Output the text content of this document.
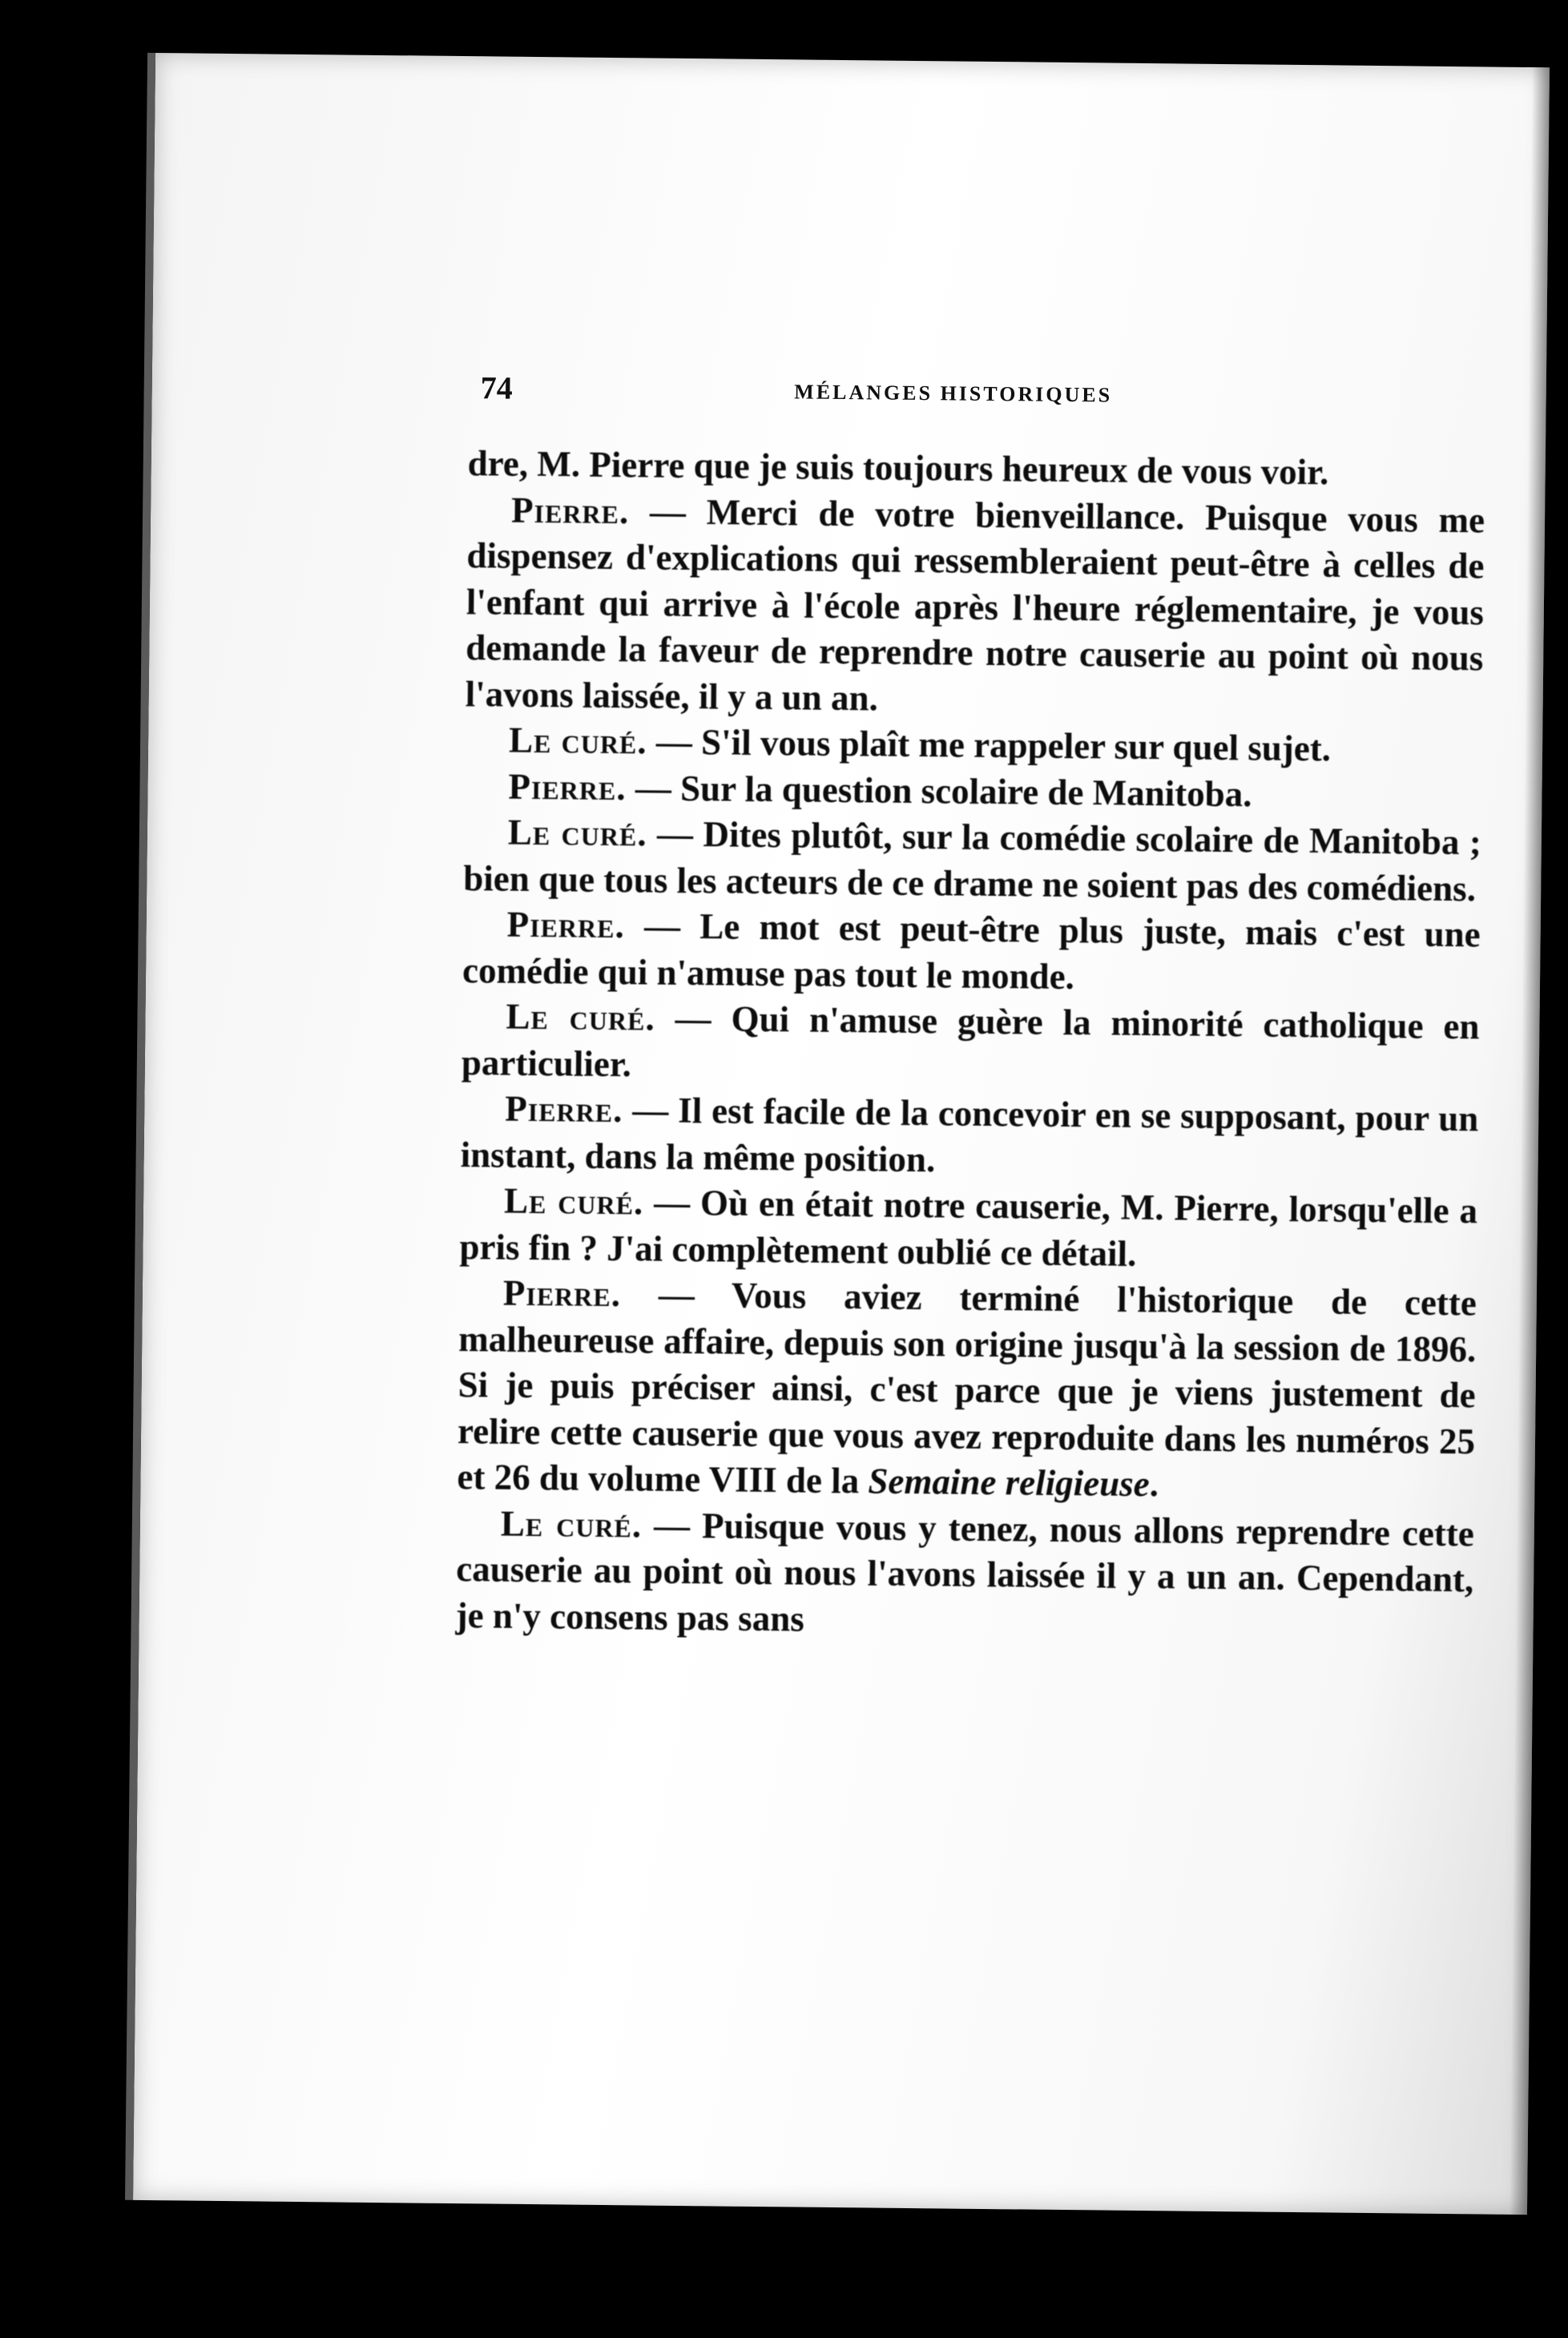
74	MÉLANGES HISTORIQUES

dre, M. Pierre que je suis toujours heureux de vous voir.

Pierre. — Merci de votre bienveillance. Puisque vous me dispensez d'explications qui ressembleraient peut-être à celles de l'enfant qui arrive à l'école après l'heure réglementaire, je vous demande la faveur de reprendre notre causerie au point où nous l'avons laissée, il y a un an.

Le curé. — S'il vous plaît me rappeler sur quel sujet.

Pierre. — Sur la question scolaire de Manitoba.

Le curé. — Dites plutôt, sur la comédie scolaire de Manitoba ; bien que tous les acteurs de ce drame ne soient pas des comédiens.

Pierre. — Le mot est peut-être plus juste, mais c'est une comédie qui n'amuse pas tout le monde.

Le curé. — Qui n'amuse guère la minorité catholique en particulier.

Pierre. — Il est facile de la concevoir en se supposant, pour un instant, dans la même position.

Le curé. — Où en était notre causerie, M. Pierre, lorsqu'elle a pris fin ? J'ai complètement oublié ce détail.

Pierre. — Vous aviez terminé l'historique de cette malheureuse affaire, depuis son origine jusqu'à la session de 1896. Si je puis préciser ainsi, c'est parce que je viens justement de relire cette causerie que vous avez reproduite dans les numéros 25 et 26 du volume VIII de la Semaine religieuse.

Le curé. — Puisque vous y tenez, nous allons reprendre cette causerie au point où nous l'avons laissée il y a un an. Cependant, je n'y consens pas sans
